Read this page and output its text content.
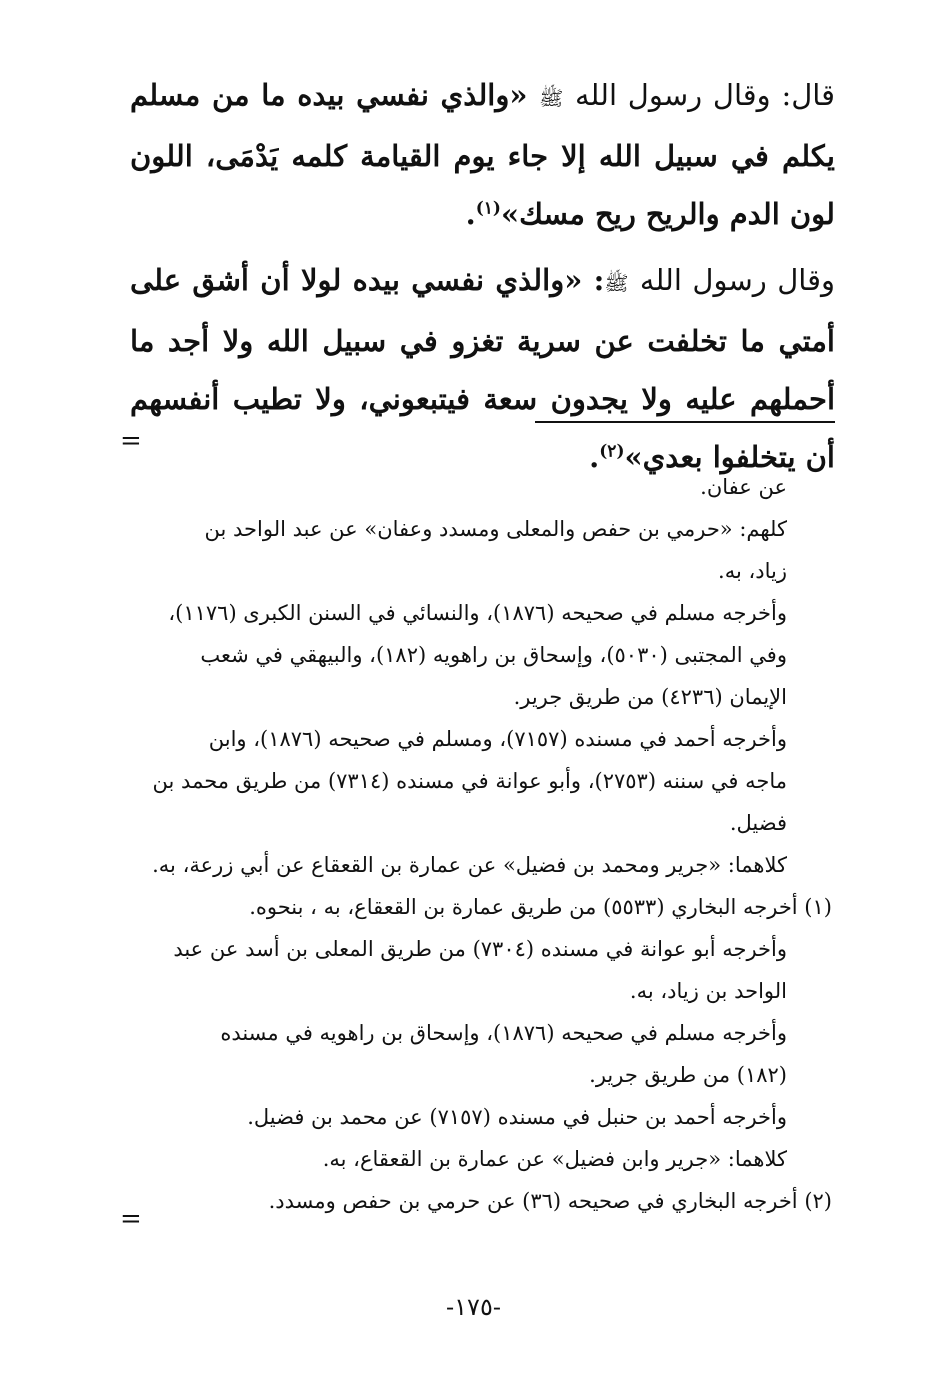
قال: وقال رسول الله ﷺ «والذي نفسي بيده ما من مسلم يكلم في سبيل الله إلا جاء يوم القيامة كلمه يَدْمَى، اللون لون الدم والريح ريح مسك»$^{(١)}$.

وقال رسول الله ﷺ: «والذي نفسي بيده لولا أن أشق على أمتي ما تخلفت عن سرية تغزو في سبيل الله ولا أجد ما أحملهم عليه ولا يجدون سعة فيتبعوني، ولا تطيب أنفسهم أن يتخلفوا بعدي»$^{(٢)}$.

=
عن عفان.
كلهم: «حرمي بن حفص والمعلى ومسدد وعفان» عن عبد الواحد بن
زياد، به.
وأخرجه مسلم في صحيحه (١٨٧٦)، والنسائي في السنن الكبرى (١١٧٦)،
وفي المجتبى (٥٠٣٠)، وإسحاق بن راهويه (١٨٢)، والبيهقي في شعب
الإيمان (٤٢٣٦) من طريق جرير.
وأخرجه أحمد في مسنده (٧١٥٧)، ومسلم في صحيحه (١٨٧٦)، وابن
ماجه في سننه (٢٧٥٣)، وأبو عوانة في مسنده (٧٣١٤) من طريق محمد بن
فضيل.
كلاهما: «جرير ومحمد بن فضيل» عن عمارة بن القعقاع عن أبي زرعة، به.
(١) أخرجه البخاري (٥٥٣٣) من طريق عمارة بن القعقاع، به ، بنحوه.
وأخرجه أبو عوانة في مسنده (٧٣٠٤) من طريق المعلى بن أسد عن عبد
الواحد بن زياد، به.
وأخرجه مسلم في صحيحه (١٨٧٦)، وإسحاق بن راهويه في مسنده
(١٨٢) من طريق جرير.
وأخرجه أحمد بن حنبل في مسنده (٧١٥٧) عن محمد بن فضيل.
كلاهما: «جرير وابن فضيل» عن عمارة بن القعقاع، به.
(٢) أخرجه البخاري في صحيحه (٣٦) عن حرمي بن حفص ومسدد.
=
-١٧٥-
